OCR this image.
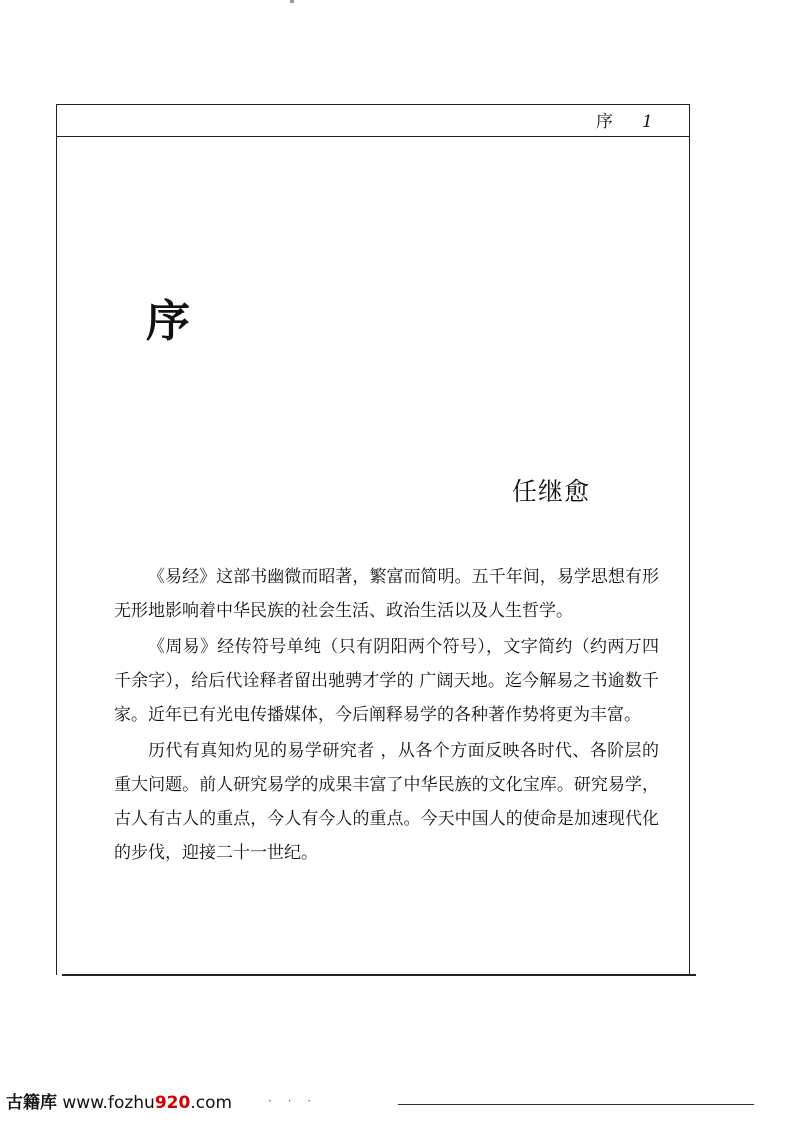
序 1
序
任继愈

《易经》这部书幽微而昭著，繁富而简明。五千年间，易学思想有形无形地影响着中华民族的社会生活、政治生活以及人生哲学。

《周易》经传符号单纯（只有阴阳两个符号），文字简约（约两万四千余字），给后代诠释者留出驰骋才学的 广阔天地。迄今解易之书逾数千家。近年已有光电传播媒体，今后阐释易学的各种著作势将更为丰富。

历代有真知灼见的易学研究者 ，从各个方面反映各时代、各阶层的重大问题。前人研究易学的成果丰富了中华民族的文化宝库。研究易学，古人有古人的重点，今人有今人的重点。今天中国人的使命是加速现代化的步伐，迎接二十一世纪。

古籍库 www.fozhu920.com	· · ·
